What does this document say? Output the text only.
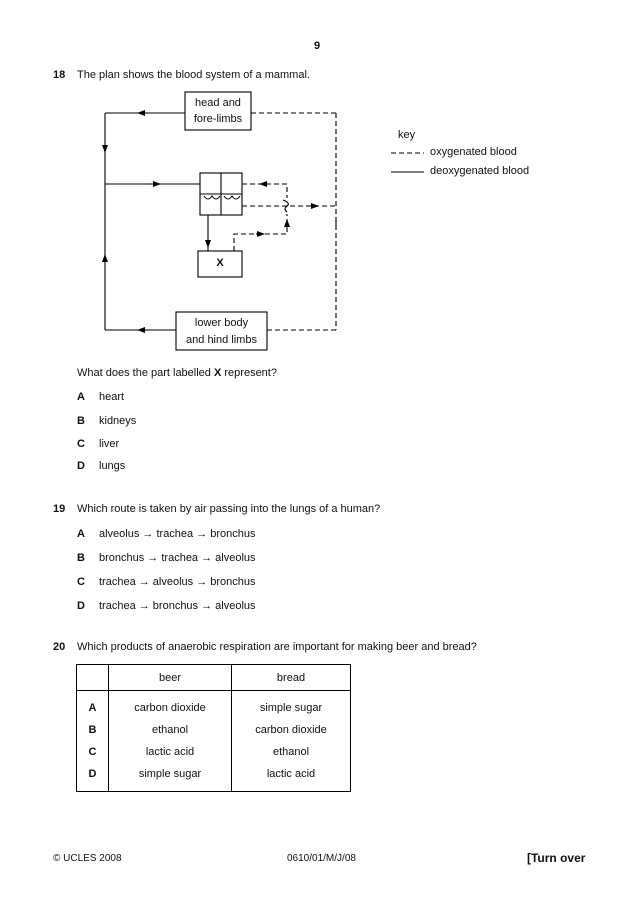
9
18 The plan shows the blood system of a mammal.
head and
fore-limbs
lower body
and hind limbs
X
key
oxygenated blood
deoxygenated blood
What does the part labelled X represent?
A heart
B kidneys
C liver
D lungs
19 Which route is taken by air passing into the lungs of a human?
A alveolus → trachea → bronchus
B bronchus → trachea → alveolus
C trachea → alveolus → bronchus
D trachea → bronchus → alveolus
20 Which products of anaerobic respiration are important for making beer and bread?
	beer	bread
A	carbon dioxide	simple sugar
B	ethanol	carbon dioxide
C	lactic acid	ethanol
D	simple sugar	lactic acid
© UCLES 2008	0610/01/M/J/08	[Turn over
